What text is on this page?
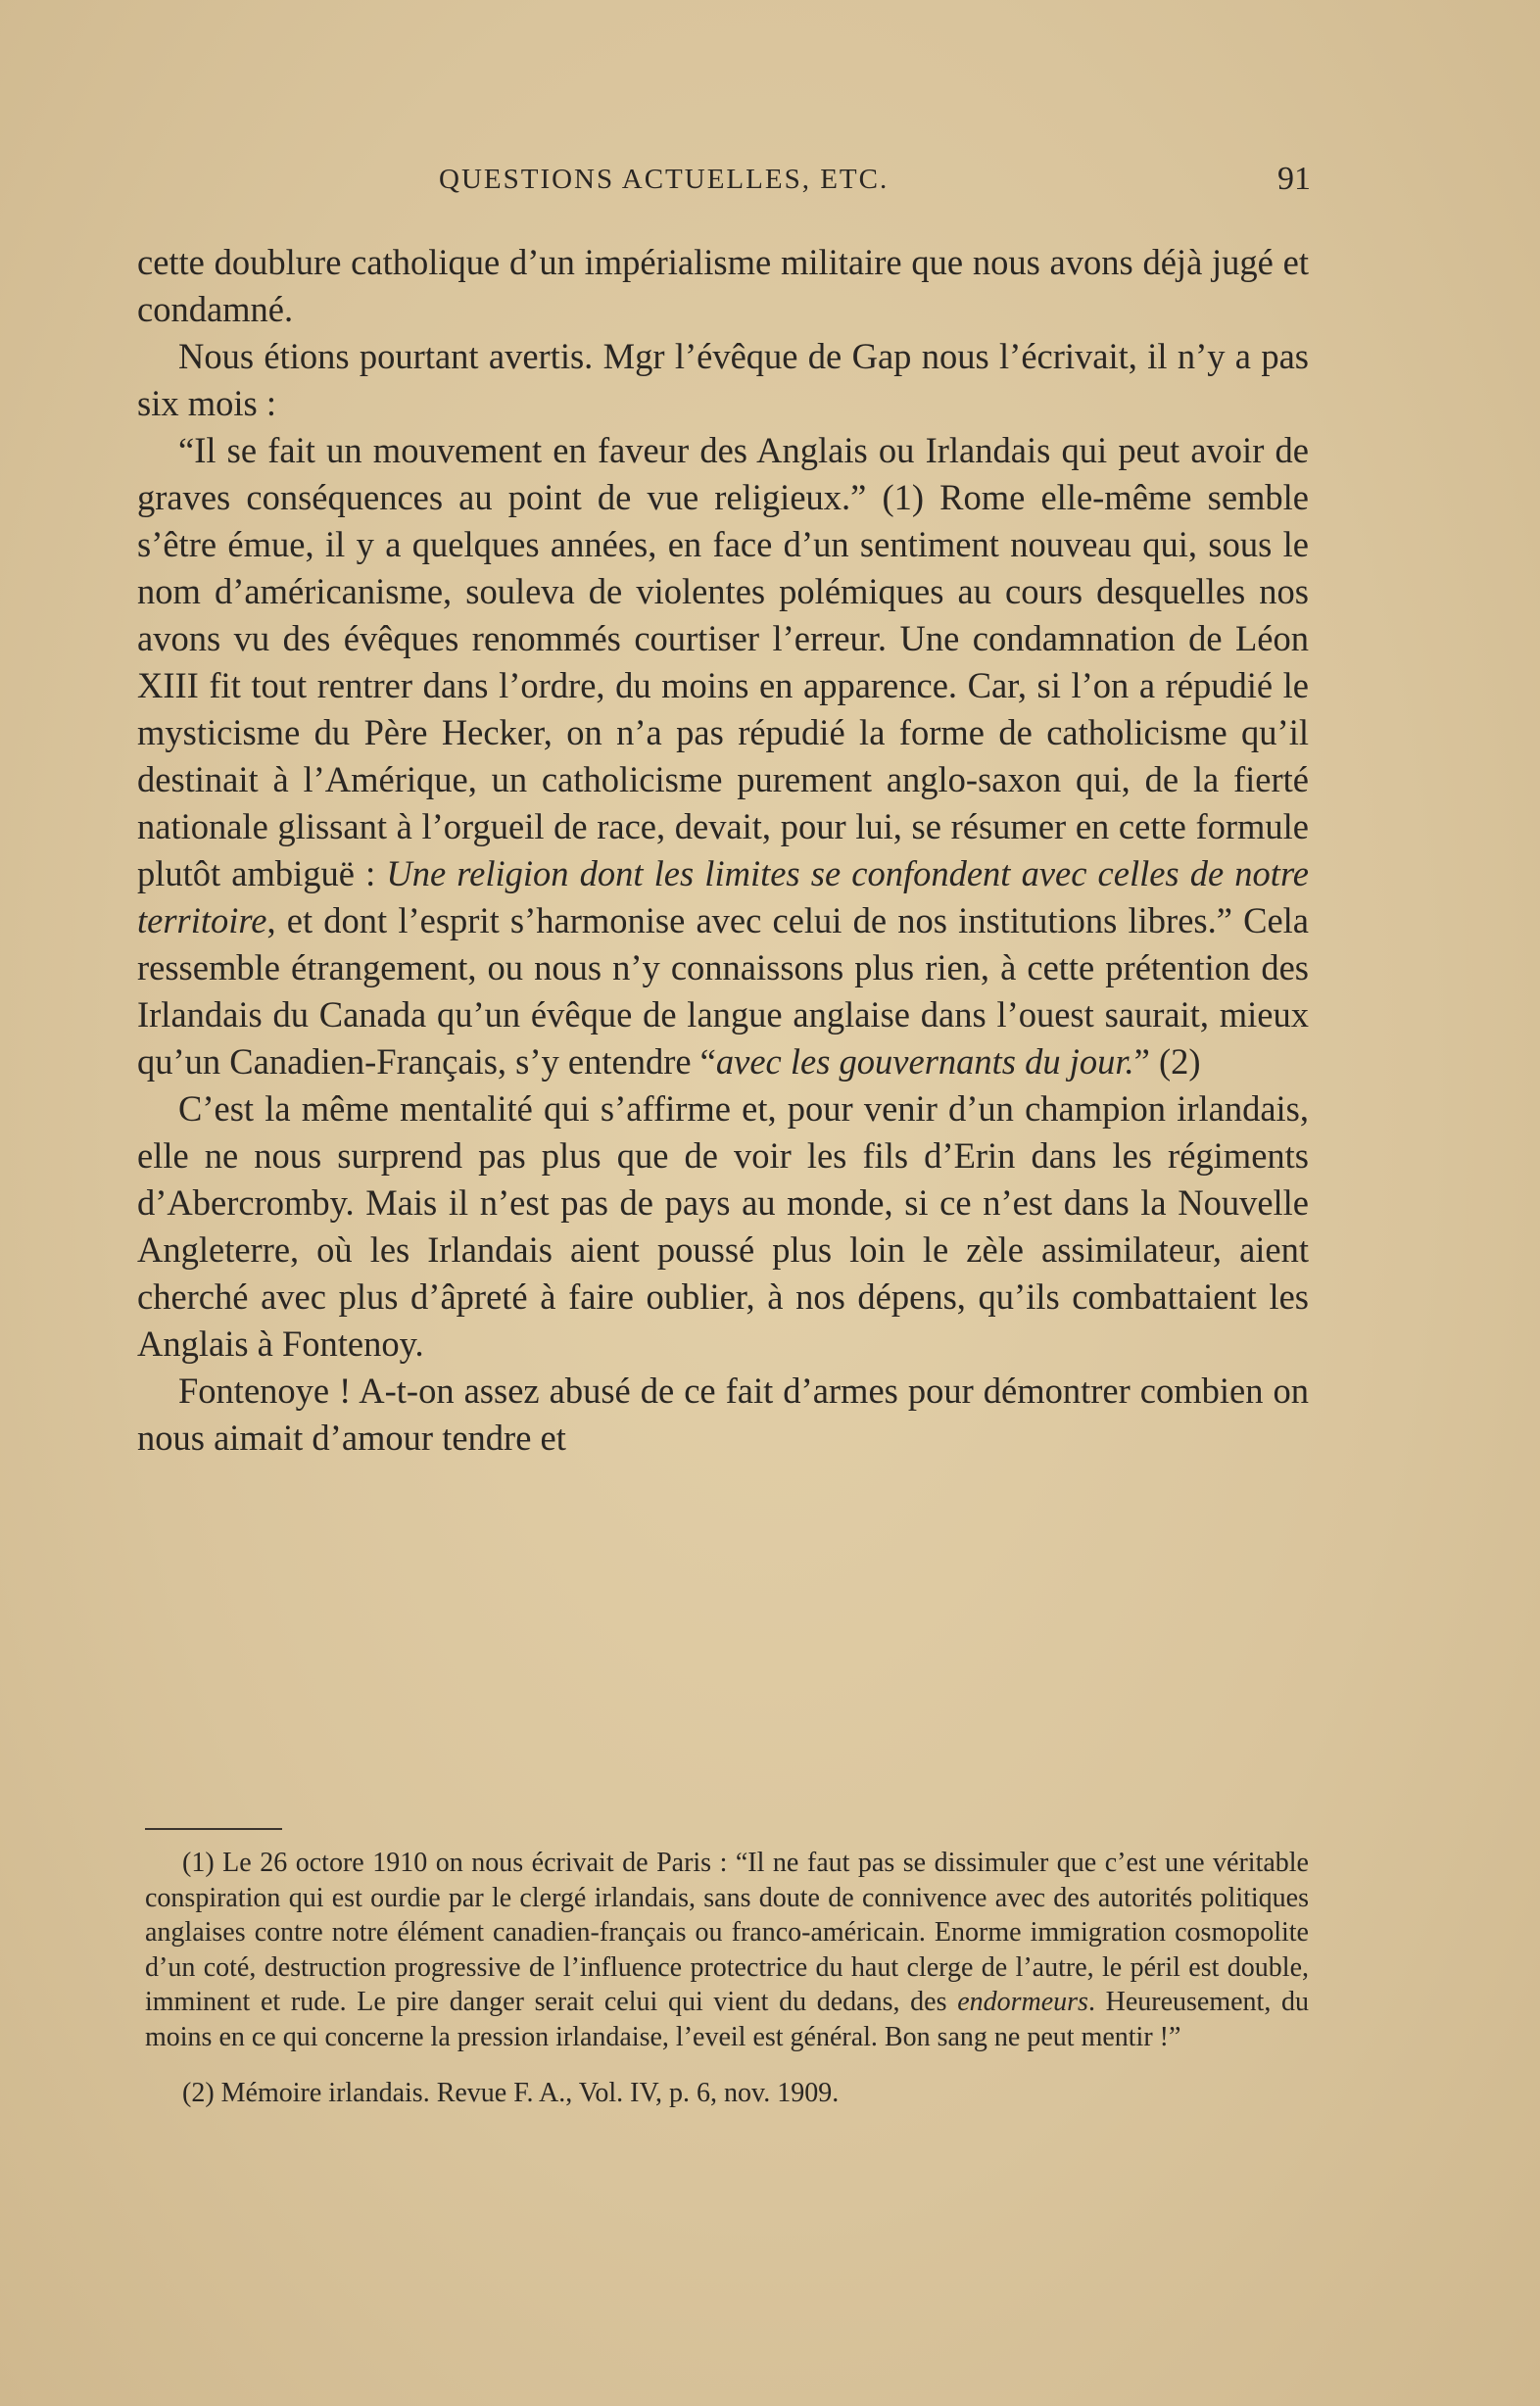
QUESTIONS ACTUELLES, ETC.	91

cette doublure catholique d’un impérialisme militaire que nous avons déjà jugé et condamné.

Nous étions pourtant avertis. Mgr l’évêque de Gap nous l’écrivait, il n’y a pas six mois :

“Il se fait un mouvement en faveur des Anglais ou Irlandais qui peut avoir de graves conséquences au point de vue religieux.” (1) Rome elle-même semble s’être émue, il y a quelques années, en face d’un sentiment nouveau qui, sous le nom d’américanisme, souleva de violentes polémiques au cours desquelles nos avons vu des évêques renommés courtiser l’erreur. Une condamnation de Léon XIII fit tout rentrer dans l’ordre, du moins en apparence. Car, si l’on a répudié le mysticisme du Père Hecker, on n’a pas répudié la forme de catholicisme qu’il destinait à l’Amérique, un catholicisme purement anglo-saxon qui, de la fierté nationale glissant à l’orgueil de race, devait, pour lui, se résumer en cette formule plutôt ambiguë : Une religion dont les limites se confondent avec celles de notre territoire, et dont l’esprit s’harmonise avec celui de nos institutions libres.” Cela ressemble étrangement, ou nous n’y connaissons plus rien, à cette prétention des Irlandais du Canada qu’un évêque de langue anglaise dans l’ouest saurait, mieux qu’un Canadien-Français, s’y entendre “avec les gouvernants du jour.” (2)

C’est la même mentalité qui s’affirme et, pour venir d’un champion irlandais, elle ne nous surprend pas plus que de voir les fils d’Erin dans les régiments d’Abercromby. Mais il n’est pas de pays au monde, si ce n’est dans la Nouvelle Angleterre, où les Irlandais aient poussé plus loin le zèle assimilateur, aient cherché avec plus d’âpreté à faire oublier, à nos dépens, qu’ils combattaient les Anglais à Fontenoy.

Fontenoye ! A-t-on assez abusé de ce fait d’armes pour démontrer combien on nous aimait d’amour tendre et

(1) Le 26 octore 1910 on nous écrivait de Paris : “Il ne faut pas se dissimuler que c’est une véritable conspiration qui est ourdie par le clergé irlandais, sans doute de connivence avec des autorités politiques anglaises contre notre élément canadien-français ou franco-américain. Enorme immigration cosmopolite d’un coté, destruction progressive de l’influence protectrice du haut clerge de l’autre, le péril est double, imminent et rude. Le pire danger serait celui qui vient du dedans, des endormeurs. Heureusement, du moins en ce qui concerne la pression irlandaise, l’eveil est général. Bon sang ne peut mentir !”

(2) Mémoire irlandais. Revue F. A., Vol. IV, p. 6, nov. 1909.
